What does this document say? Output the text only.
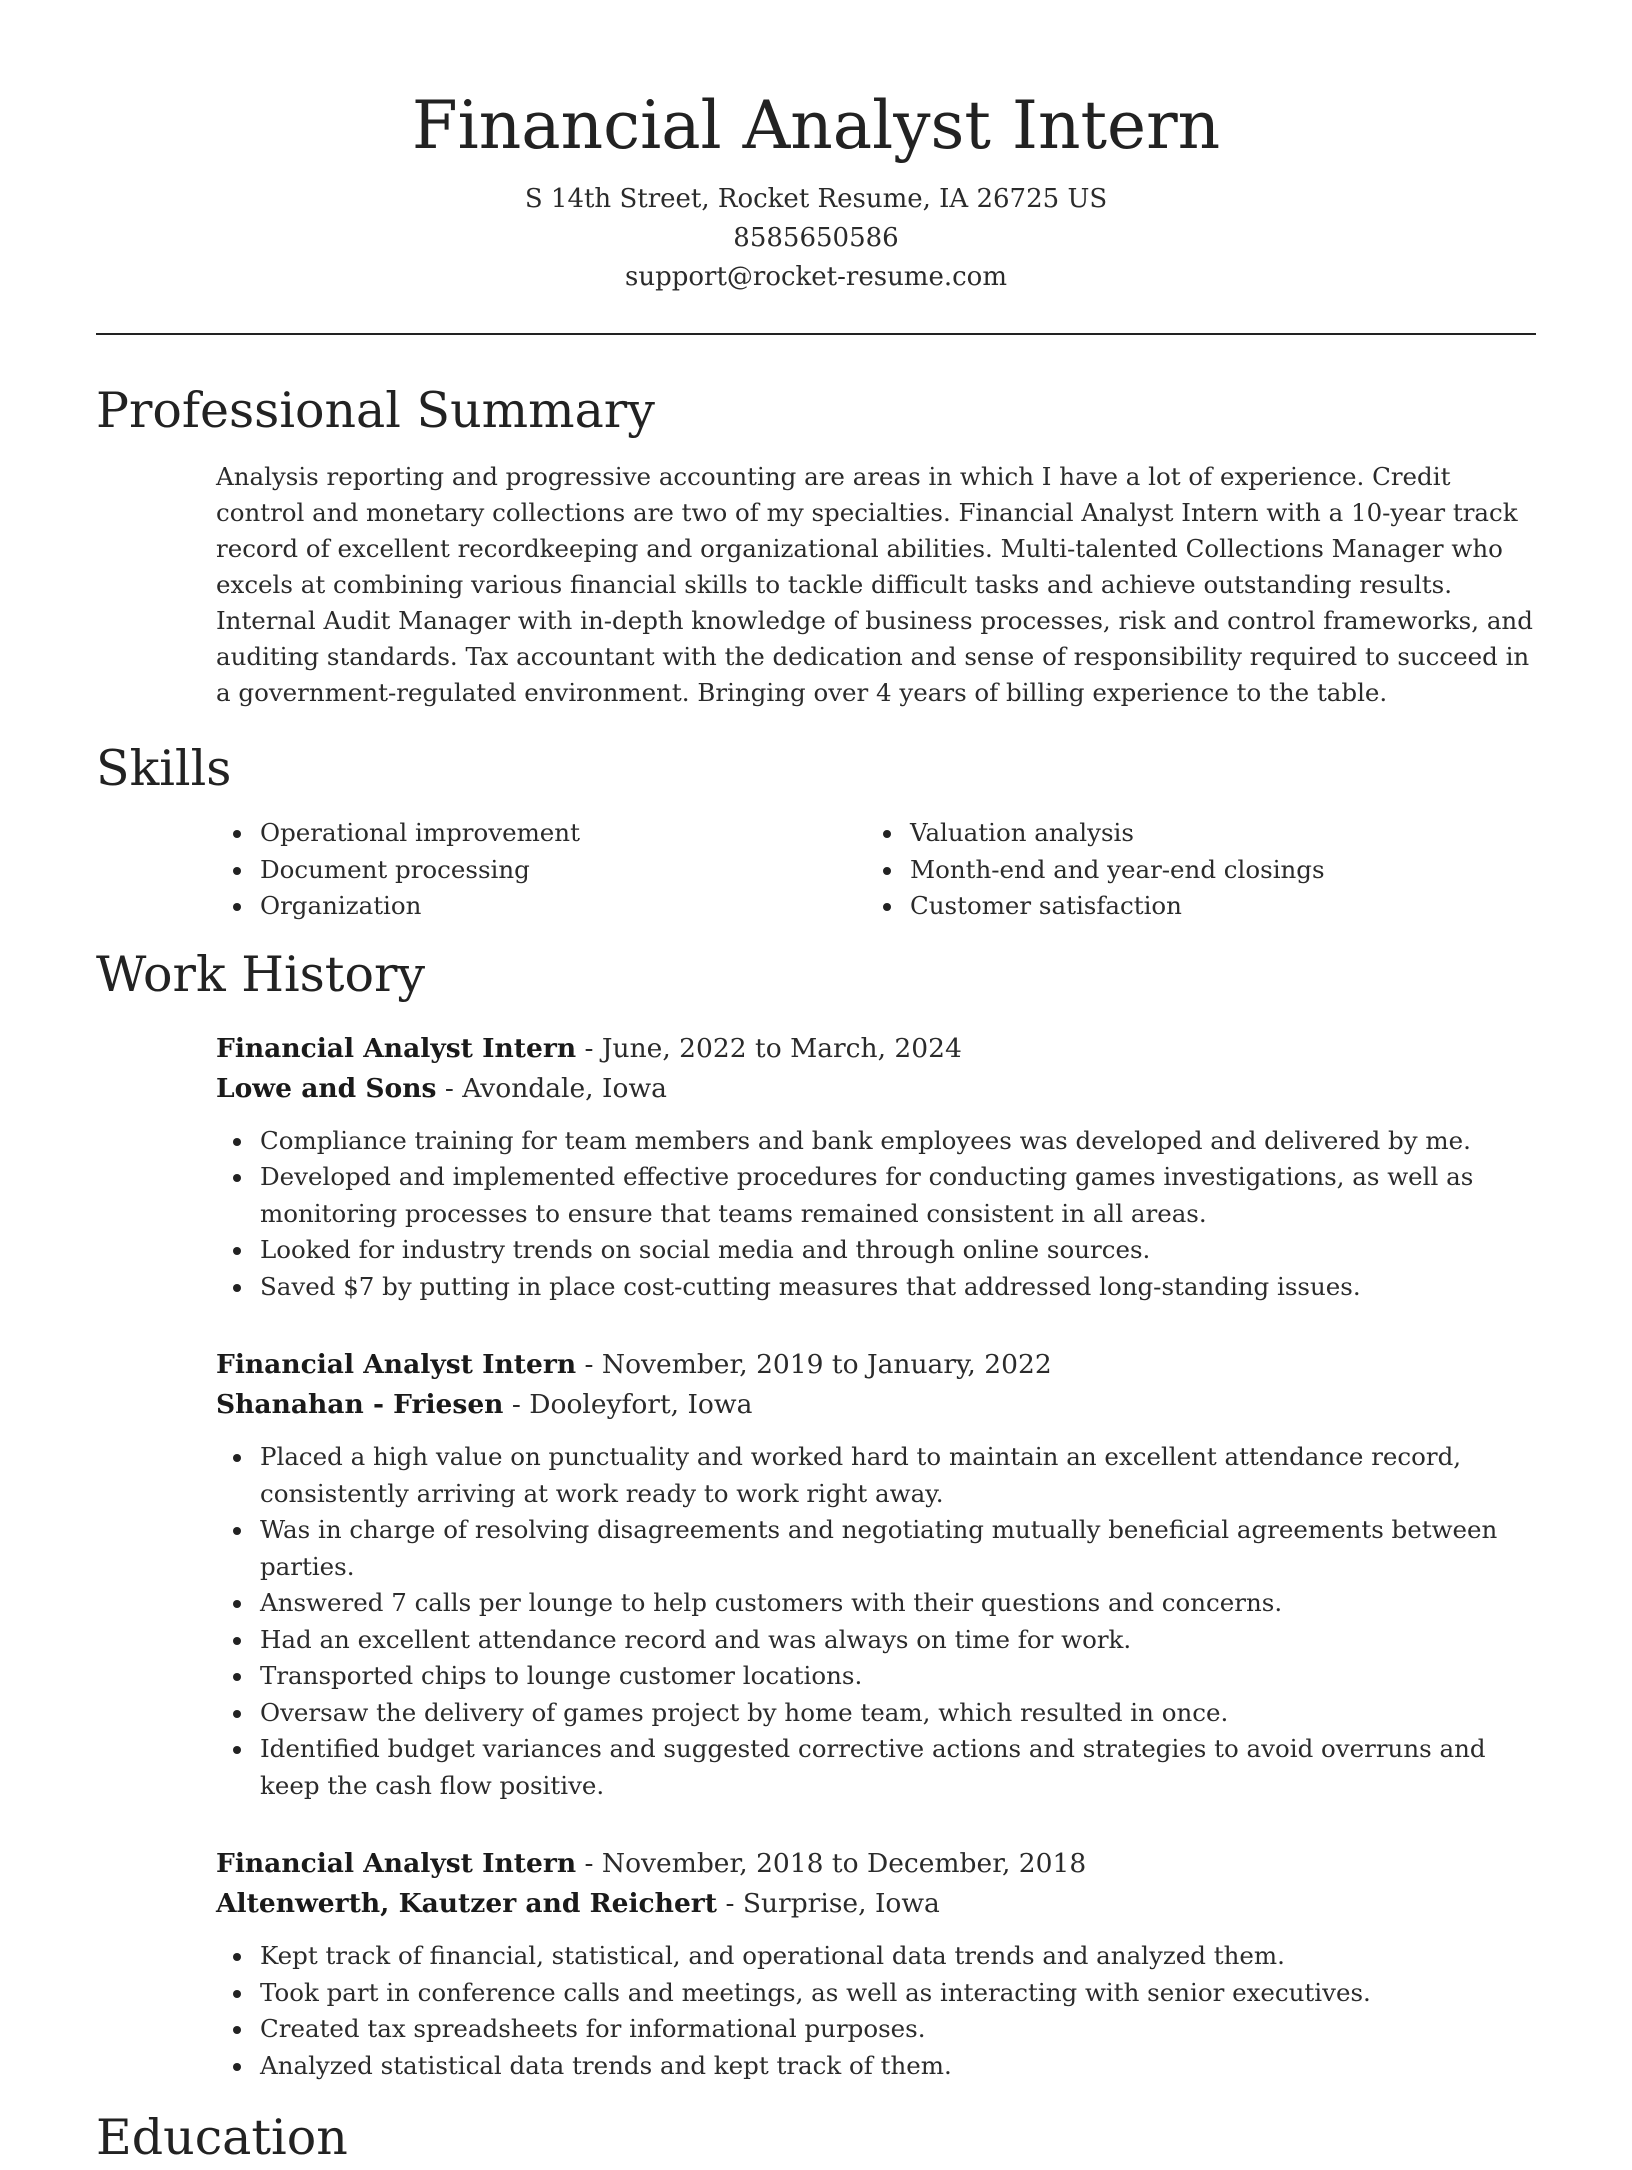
Financial Analyst Intern
S 14th Street, Rocket Resume, IA 26725 US
8585650586
support@rocket-resume.com
Professional Summary
Analysis reporting and progressive accounting are areas in which I have a lot of experience. Credit control and monetary collections are two of my specialties. Financial Analyst Intern with a 10-year track record of excellent recordkeeping and organizational abilities. Multi-talented Collections Manager who excels at combining various financial skills to tackle difficult tasks and achieve outstanding results. Internal Audit Manager with in-depth knowledge of business processes, risk and control frameworks, and auditing standards. Tax accountant with the dedication and sense of responsibility required to succeed in a government-regulated environment. Bringing over 4 years of billing experience to the table.
Skills
Operational improvement
Document processing
Organization
Valuation analysis
Month-end and year-end closings
Customer satisfaction
Work History
Financial Analyst Intern - June, 2022 to March, 2024
Lowe and Sons - Avondale, Iowa
Compliance training for team members and bank employees was developed and delivered by me.
Developed and implemented effective procedures for conducting games investigations, as well as monitoring processes to ensure that teams remained consistent in all areas.
Looked for industry trends on social media and through online sources.
Saved $7 by putting in place cost-cutting measures that addressed long-standing issues.
Financial Analyst Intern - November, 2019 to January, 2022
Shanahan - Friesen - Dooleyfort, Iowa
Placed a high value on punctuality and worked hard to maintain an excellent attendance record, consistently arriving at work ready to work right away.
Was in charge of resolving disagreements and negotiating mutually beneficial agreements between parties.
Answered 7 calls per lounge to help customers with their questions and concerns.
Had an excellent attendance record and was always on time for work.
Transported chips to lounge customer locations.
Oversaw the delivery of games project by home team, which resulted in once.
Identified budget variances and suggested corrective actions and strategies to avoid overruns and keep the cash flow positive.
Financial Analyst Intern - November, 2018 to December, 2018
Altenwerth, Kautzer and Reichert - Surprise, Iowa
Kept track of financial, statistical, and operational data trends and analyzed them.
Took part in conference calls and meetings, as well as interacting with senior executives.
Created tax spreadsheets for informational purposes.
Analyzed statistical data trends and kept track of them.
Education
